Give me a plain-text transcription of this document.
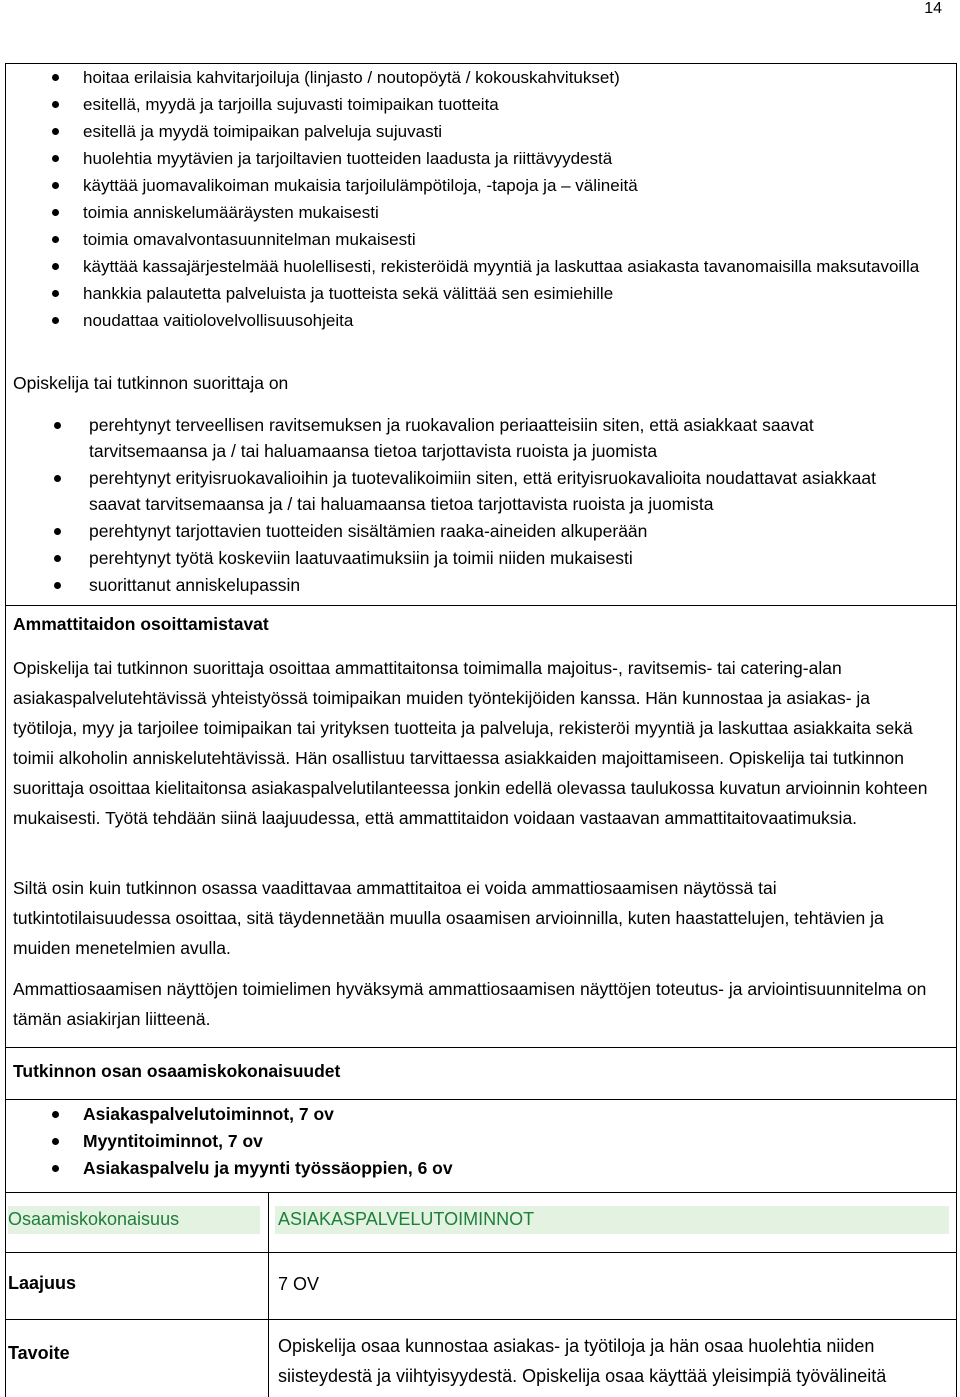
14
hoitaa erilaisia kahvitarjoiluja (linjasto / noutopöytä / kokouskahvitukset)
esitellä, myydä ja tarjoilla sujuvasti toimipaikan tuotteita
esitellä ja myydä toimipaikan palveluja sujuvasti
huolehtia myytävien ja tarjoiltavien tuotteiden laadusta ja riittävyydestä
käyttää juomavalikoiman mukaisia tarjoilulämpötiloja, -tapoja ja – välineitä
toimia anniskelumääräysten mukaisesti
toimia omavalvontasuunnitelman mukaisesti
käyttää kassajärjestelmää huolellisesti, rekisteröidä myyntiä ja laskuttaa asiakasta tavanomaisilla maksutavoilla
hankkia palautetta palveluista ja tuotteista sekä välittää sen esimiehille
noudattaa vaitiolovelvollisuusohjeita
Opiskelija tai tutkinnon suorittaja on
perehtynyt terveellisen ravitsemuksen ja ruokavalion periaatteisiin siten, että asiakkaat saavat tarvitsemaansa ja / tai haluamaansa tietoa tarjottavista ruoista ja juomista
perehtynyt erityisruokavalioihin ja tuotevalikoimiin siten, että erityisruokavalioita noudattavat asiakkaat saavat tarvitsemaansa ja / tai haluamaansa tietoa tarjottavista ruoista ja juomista
perehtynyt tarjottavien tuotteiden sisältämien raaka-aineiden alkuperään
perehtynyt työtä koskeviin laatuvaatimuksiin ja toimii niiden mukaisesti
suorittanut anniskelupassin
Ammattitaidon osoittamistavat
Opiskelija tai tutkinnon suorittaja osoittaa ammattitaitonsa toimimalla majoitus-, ravitsemis- tai catering-alan asiakaspalvelutehtävissä yhteistyössä toimipaikan muiden työntekijöiden kanssa. Hän kunnostaa ja asiakas- ja työtiloja, myy ja tarjoilee toimipaikan tai yrityksen tuotteita ja palveluja, rekisteröi myyntiä ja laskuttaa asiakkaita sekä toimii alkoholin anniskelutehtävissä. Hän osallistuu tarvittaessa asiakkaiden majoittamiseen. Opiskelija tai tutkinnon suorittaja osoittaa kielitaitonsa asiakaspalvelutilanteessa jonkin edellä olevassa taulukossa kuvatun arvioinnin kohteen mukaisesti. Työtä tehdään siinä laajuudessa, että ammattitaidon voidaan vastaavan ammattitaitovaatimuksia.
Siltä osin kuin tutkinnon osassa vaadittavaa ammattitaitoa ei voida ammattiosaamisen näytössä tai tutkintotilaisuudessa osoittaa, sitä täydennetään muulla osaamisen arvioinnilla, kuten haastattelujen, tehtävien ja muiden menetelmien avulla.
Ammattiosaamisen näyttöjen toimielimen hyväksymä ammattiosaamisen näyttöjen toteutus- ja arviointisuunnitelma on tämän asiakirjan liitteenä.
Tutkinnon osan osaamiskokonaisuudet
Asiakaspalvelutoiminnot, 7 ov
Myyntitoiminnot, 7 ov
Asiakaspalvelu ja myynti työssäoppien, 6 ov
Osaamiskokonaisuus	ASIAKASPALVELUTOIMINNOT
Laajuus	7 OV
Tavoite	Opiskelija osaa kunnostaa asiakas- ja työtiloja ja hän osaa huolehtia niiden siisteydestä ja viihtyisyydestä. Opiskelija osaa käyttää yleisimpiä työvälineitä
